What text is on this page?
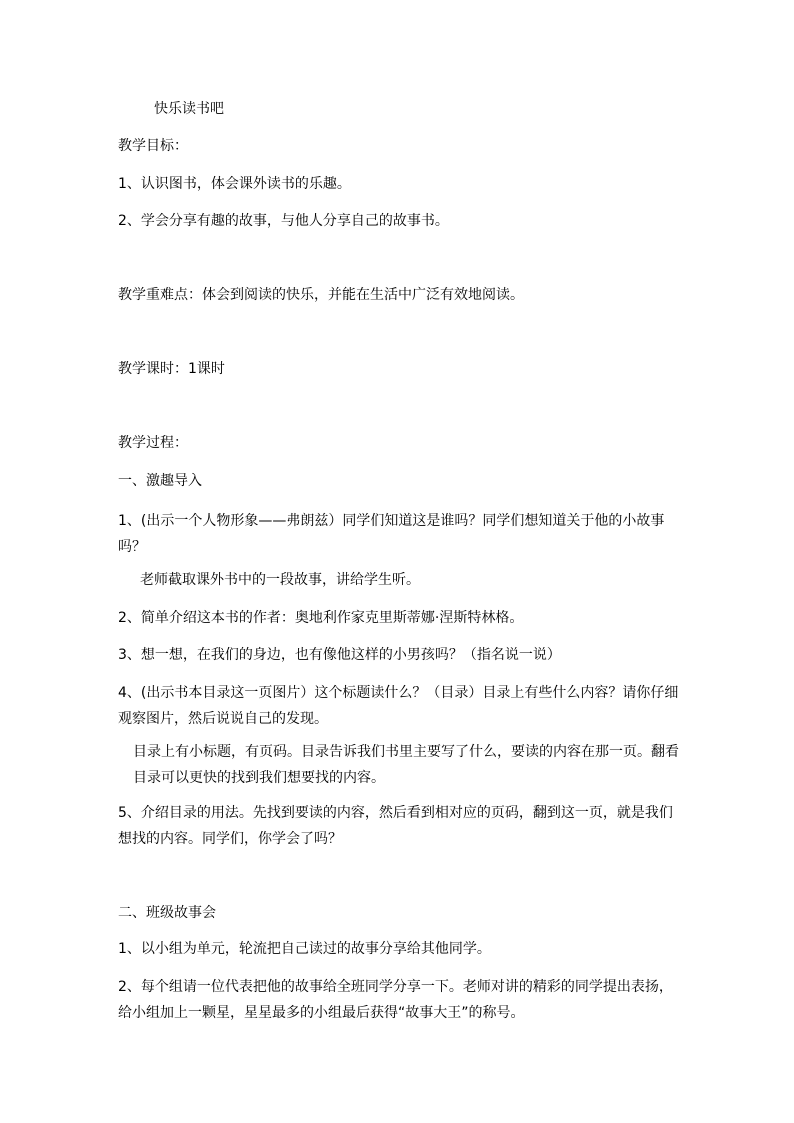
快乐读书吧
教学目标：
1、认识图书，体会课外读书的乐趣。
2、学会分享有趣的故事，与他人分享自己的故事书。
教学重难点：体会到阅读的快乐，并能在生活中广泛有效地阅读。
教学课时：1课时
教学过程：
一、激趣导入
1、(出示一个人物形象——弗朗兹）同学们知道这是谁吗？同学们想知道关于他的小故事吗？
老师截取课外书中的一段故事，讲给学生听。
2、简单介绍这本书的作者：奥地利作家克里斯蒂娜·涅斯特林格。
3、想一想，在我们的身边，也有像他这样的小男孩吗？（指名说一说）
4、(出示书本目录这一页图片）这个标题读什么？（目录）目录上有些什么内容？请你仔细观察图片，然后说说自己的发现。
目录上有小标题，有页码。目录告诉我们书里主要写了什么，要读的内容在那一页。翻看目录可以更快的找到我们想要找的内容。
5、介绍目录的用法。先找到要读的内容，然后看到相对应的页码，翻到这一页，就是我们想找的内容。同学们，你学会了吗？
二、班级故事会
1、以小组为单元，轮流把自己读过的故事分享给其他同学。
2、每个组请一位代表把他的故事给全班同学分享一下。老师对讲的精彩的同学提出表扬，给小组加上一颗星，星星最多的小组最后获得“故事大王”的称号。
